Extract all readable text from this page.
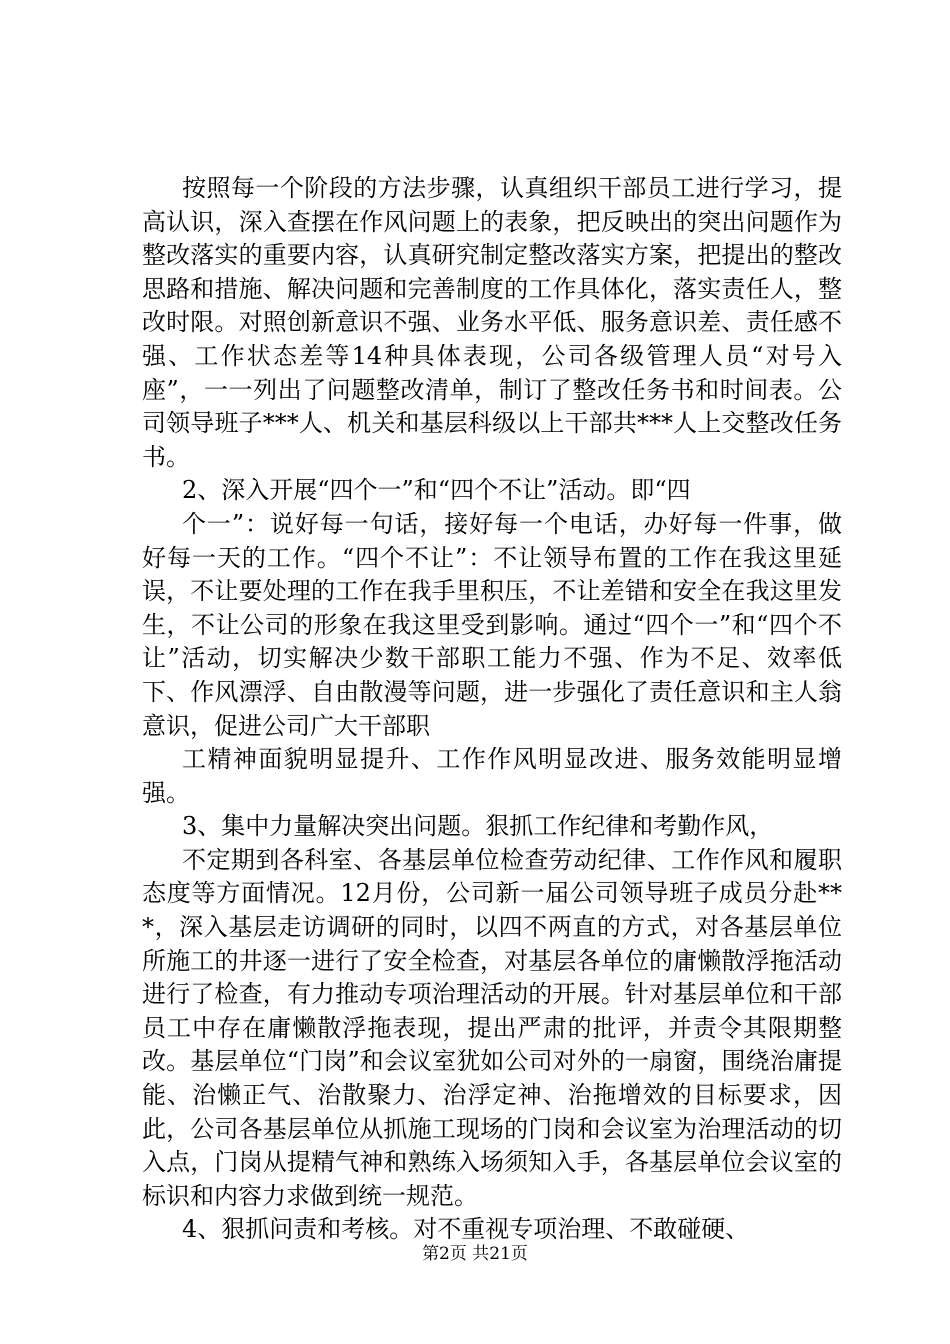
按照每一个阶段的方法步骤，认真组织干部员工进行学习，提高认识，深入查摆在作风问题上的表象，把反映出的突出问题作为整改落实的重要内容，认真研究制定整改落实方案，把提出的整改思路和措施、解决问题和完善制度的工作具体化，落实责任人，整改时限。对照创新意识不强、业务水平低、服务意识差、责任感不强、工作状态差等14种具体表现，公司各级管理人员“对号入座”，一一列出了问题整改清单，制订了整改任务书和时间表。公司领导班子***人、机关和基层科级以上干部共***人上交整改任务书。

2、深入开展“四个一”和“四个不让”活动。即“四

个一”：说好每一句话，接好每一个电话，办好每一件事，做好每一天的工作。“四个不让”：不让领导布置的工作在我这里延误，不让要处理的工作在我手里积压，不让差错和安全在我这里发生，不让公司的形象在我这里受到影响。通过“四个一”和“四个不让”活动，切实解决少数干部职工能力不强、作为不足、效率低下、作风漂浮、自由散漫等问题，进一步强化了责任意识和主人翁意识，促进公司广大干部职

工精神面貌明显提升、工作作风明显改进、服务效能明显增强。

3、集中力量解决突出问题。狠抓工作纪律和考勤作风，

不定期到各科室、各基层单位检查劳动纪律、工作作风和履职态度等方面情况。12月份，公司新一届公司领导班子成员分赴***，深入基层走访调研的同时，以四不两直的方式，对各基层单位所施工的井逐一进行了安全检查，对基层各单位的庸懒散浮拖活动进行了检查，有力推动专项治理活动的开展。针对基层单位和干部员工中存在庸懒散浮拖表现，提出严肃的批评，并责令其限期整改。基层单位“门岗”和会议室犹如公司对外的一扇窗，围绕治庸提能、治懒正气、治散聚力、治浮定神、治拖增效的目标要求，因此，公司各基层单位从抓施工现场的门岗和会议室为治理活动的切入点，门岗从提精气神和熟练入场须知入手，各基层单位会议室的标识和内容力求做到统一规范。

4、狠抓问责和考核。对不重视专项治理、不敢碰硬、

第2页 共21页
